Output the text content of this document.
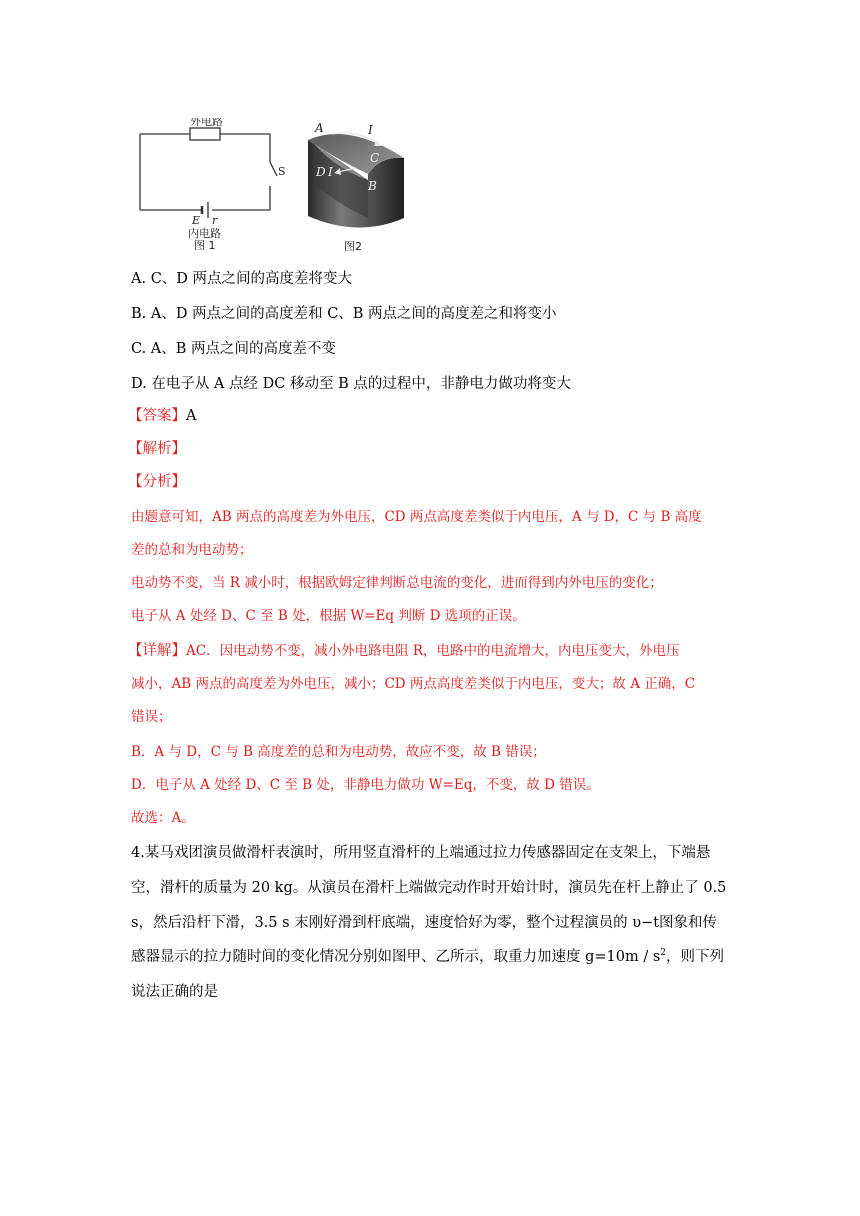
外电路
S
E r
内电路
图 1
A	I
C
D I
B
图2
A. C、D 两点之间的高度差将变大
B. A、D 两点之间的高度差和 C、B 两点之间的高度差之和将变小
C. A、B 两点之间的高度差不变
D. 在电子从 A 点经 DC 移动至 B 点的过程中，非静电力做功将变大
【答案】A
【解析】
【分析】
由题意可知，AB 两点的高度差为外电压，CD 两点高度差类似于内电压，A 与 D，C 与 B 高度
差的总和为电动势；
电动势不变，当 R 减小时，根据欧姆定律判断总电流的变化，进而得到内外电压的变化；
电子从 A 处经 D、C 至 B 处，根据 W=Eq 判断 D 选项的正误。
【详解】AC．因电动势不变，减小外电路电阻 R，电路中的电流增大，内电压变大，外电压
减小，AB 两点的高度差为外电压，减小；CD 两点高度差类似于内电压，变大；故 A 正确，C
错误；
B．A 与 D，C 与 B 高度差的总和为电动势，故应不变，故 B 错误；
D．电子从 A 处经 D、C 至 B 处，非静电力做功 W=Eq，不变，故 D 错误。
故选：A。
4.某马戏团演员做滑杆表演时，所用竖直滑杆的上端通过拉力传感器固定在支架上，下端悬
空，滑杆的质量为 20 kg。从演员在滑杆上端做完动作时开始计时，演员先在杆上静止了 0.5
s，然后沿杆下滑，3.5 s 末刚好滑到杆底端，速度恰好为零，整个过程演员的 υ−t图象和传
感器显示的拉力随时间的变化情况分别如图甲、乙所示，取重力加速度 $g=10m / s^2$，则下列
说法正确的是
